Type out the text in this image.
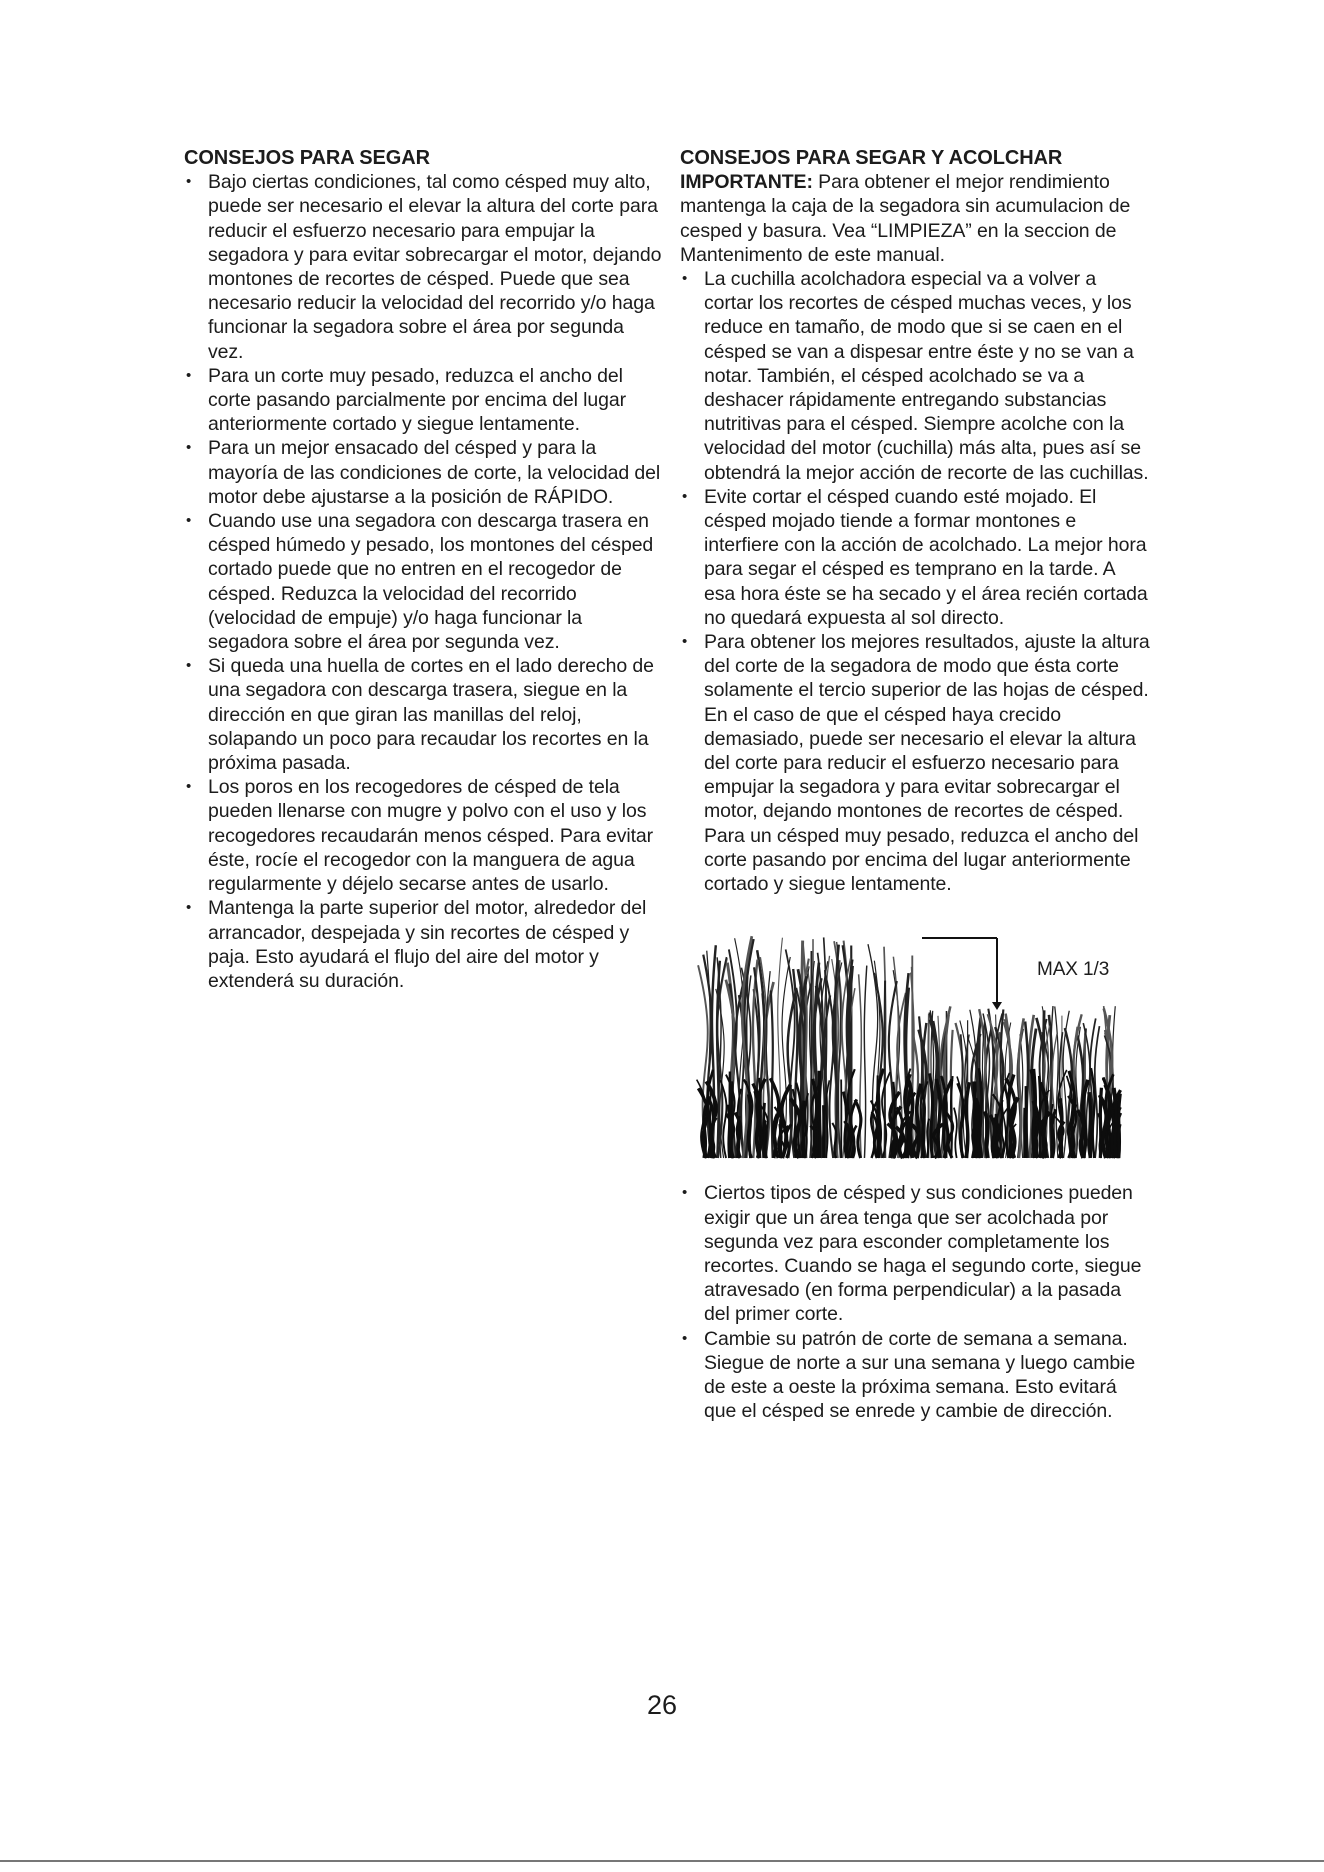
CONSEJOS PARA SEGAR
• Bajo ciertas condiciones, tal como césped muy alto, puede ser necesario el elevar la altura del corte para reducir el esfuerzo necesario para empujar la segadora y para evitar sobrecargar el motor, dejando montones de recortes de césped. Puede que sea necesario reducir la velocidad del recorrido y/o haga funcionar la segadora sobre el área por segunda vez.
• Para un corte muy pesado, reduzca el ancho del corte pasando parcialmente por encima del lugar anteriormente cortado y siegue lentamente.
• Para un mejor ensacado del césped y para la mayoría de las condiciones de corte, la velocidad del motor debe ajustarse a la posición de RÁPIDO.
• Cuando use una segadora con descarga trasera en césped húmedo y pesado, los montones del césped cortado puede que no entren en el recogedor de césped. Reduzca la velocidad del recorrido (velocidad de empuje) y/o haga funcionar la segadora sobre el área por segunda vez.
• Si queda una huella de cortes en el lado derecho de una segadora con descarga trasera, siegue en la dirección en que giran las manillas del reloj, solapando un poco para recaudar los recortes en la próxima pasada.
• Los poros en los recogedores de césped de tela pueden llenarse con mugre y polvo con el uso y los recogedores recaudarán menos césped. Para evitar éste, rocíe el recogedor con la manguera de agua regularmente y déjelo secarse antes de usarlo.
• Mantenga la parte superior del motor, alrededor del arrancador, despejada y sin recortes de césped y paja. Esto ayudará el flujo del aire del motor y extenderá su duración.
CONSEJOS PARA SEGAR Y ACOLCHAR

IMPORTANTE: Para obtener el mejor rendimiento mantenga la caja de la segadora sin acumulacion de cesped y basura. Vea “LIMPIEZA” en la seccion de Mantenimento de este manual.

• La cuchilla acolchadora especial va a volver a cortar los recortes de césped muchas veces, y los reduce en tamaño, de modo que si se caen en el césped se van a dispesar entre éste y no se van a notar. También, el césped acolchado se va a deshacer rápidamente entregando substancias nutritivas para el césped. Siempre acolche con la velocidad del motor (cuchilla) más alta, pues así se obtendrá la mejor acción de recorte de las cuchillas.
• Evite cortar el césped cuando esté mojado. El césped mojado tiende a formar montones e interfiere con la acción de acolchado. La mejor hora para segar el césped es temprano en la tarde. A esa hora éste se ha secado y el área recién cortada no quedará expuesta al sol directo.
• Para obtener los mejores resultados, ajuste la altura del corte de la segadora de modo que ésta corte solamente el tercio superior de las hojas de césped. En el caso de que el césped haya crecido demasiado, puede ser necesario el elevar la altura del corte para reducir el esfuerzo necesario para empujar la segadora y para evitar sobrecargar el motor, dejando montones de recortes de césped. Para un césped muy pesado, reduzca el ancho del corte pasando por encima del lugar anteriormente cortado y siegue lentamente.
MAX 1/3
• Ciertos tipos de césped y sus condiciones pueden exigir que un área tenga que ser acolchada por segunda vez para esconder completamente los recortes. Cuando se haga el segundo corte, siegue atravesado (en forma perpendicular) a la pasada del primer corte.
• Cambie su patrón de corte de semana a semana. Siegue de norte a sur una semana y luego cambie de este a oeste la próxima semana. Esto evitará que el césped se enrede y cambie de dirección.
26
